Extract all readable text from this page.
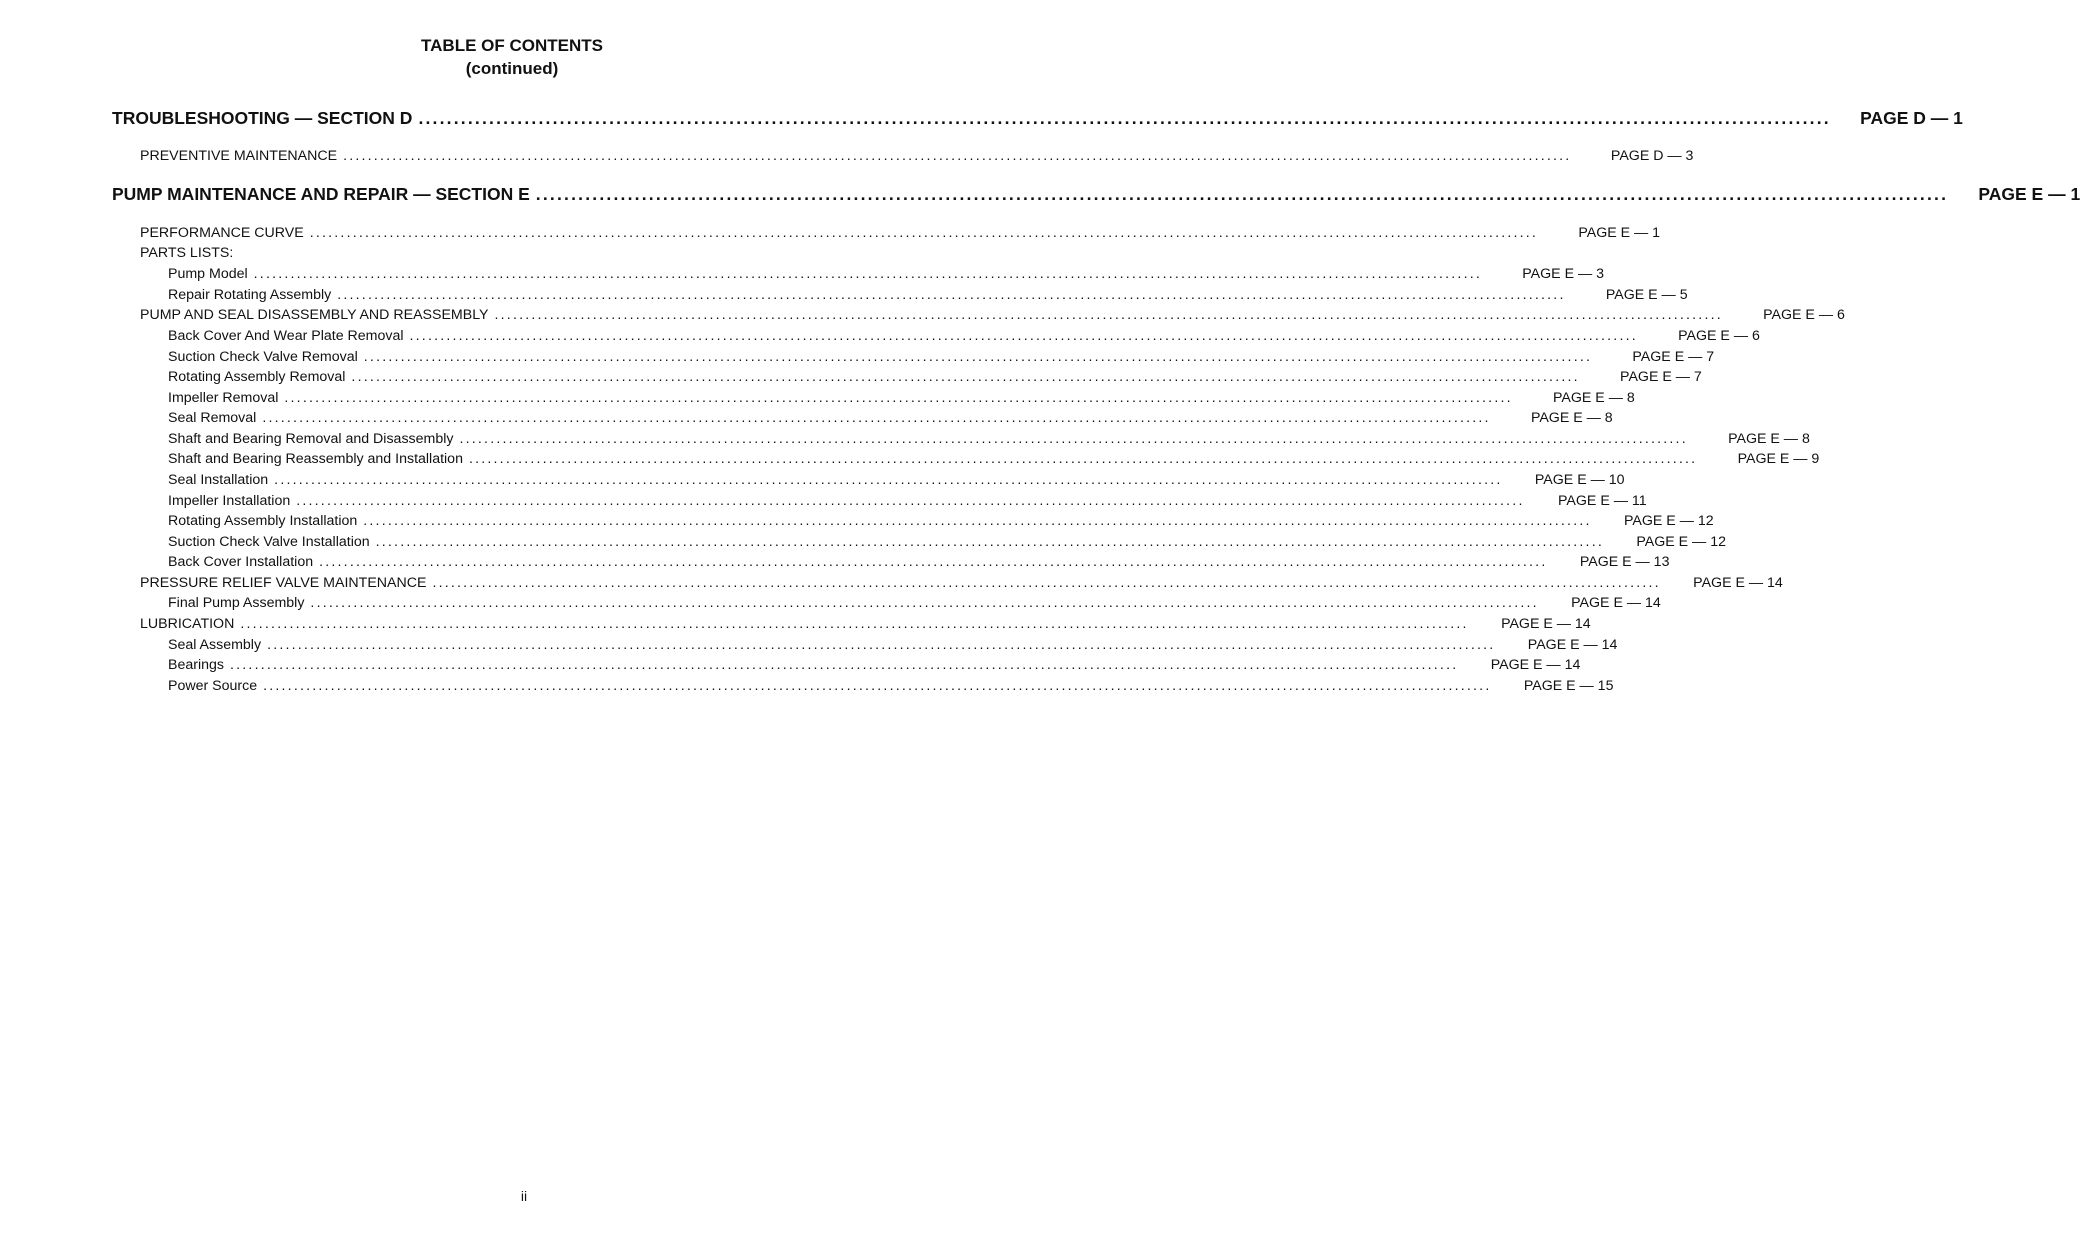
TABLE OF CONTENTS
(continued)
TROUBLESHOOTING — SECTION D ........................................................................................................................................................................................................ PAGE D — 1
PREVENTIVE MAINTENANCE ........................................................................................................................................................................................................	PAGE D — 3
PUMP MAINTENANCE AND REPAIR — SECTION E ........................................................................................................................................................................................................ PAGE E — 1
PERFORMANCE CURVE ........................................................................................................................................................................................................	PAGE E — 1
PARTS LISTS:
Pump Model ........................................................................................................................................................................................................	PAGE E — 3
Repair Rotating Assembly ........................................................................................................................................................................................................	PAGE E — 5
PUMP AND SEAL DISASSEMBLY AND REASSEMBLY ........................................................................................................................................................................................................	PAGE E — 6
Back Cover And Wear Plate Removal ........................................................................................................................................................................................................	PAGE E — 6
Suction Check Valve Removal ........................................................................................................................................................................................................	PAGE E — 7
Rotating Assembly Removal ........................................................................................................................................................................................................	PAGE E — 7
Impeller Removal ........................................................................................................................................................................................................	PAGE E — 8
Seal Removal ........................................................................................................................................................................................................	PAGE E — 8
Shaft and Bearing Removal and Disassembly ........................................................................................................................................................................................................	PAGE E — 8
Shaft and Bearing Reassembly and Installation ........................................................................................................................................................................................................	PAGE E — 9
Seal Installation ........................................................................................................................................................................................................	PAGE E — 10
Impeller Installation ........................................................................................................................................................................................................	PAGE E — 11
Rotating Assembly Installation ........................................................................................................................................................................................................	PAGE E — 12
Suction Check Valve Installation ........................................................................................................................................................................................................	PAGE E — 12
Back Cover Installation ........................................................................................................................................................................................................	PAGE E — 13
PRESSURE RELIEF VALVE MAINTENANCE ........................................................................................................................................................................................................	PAGE E — 14
Final Pump Assembly ........................................................................................................................................................................................................	PAGE E — 14
LUBRICATION ........................................................................................................................................................................................................	PAGE E — 14
Seal Assembly ........................................................................................................................................................................................................	PAGE E — 14
Bearings ........................................................................................................................................................................................................	PAGE E — 14
Power Source ........................................................................................................................................................................................................	PAGE E — 15
ii
